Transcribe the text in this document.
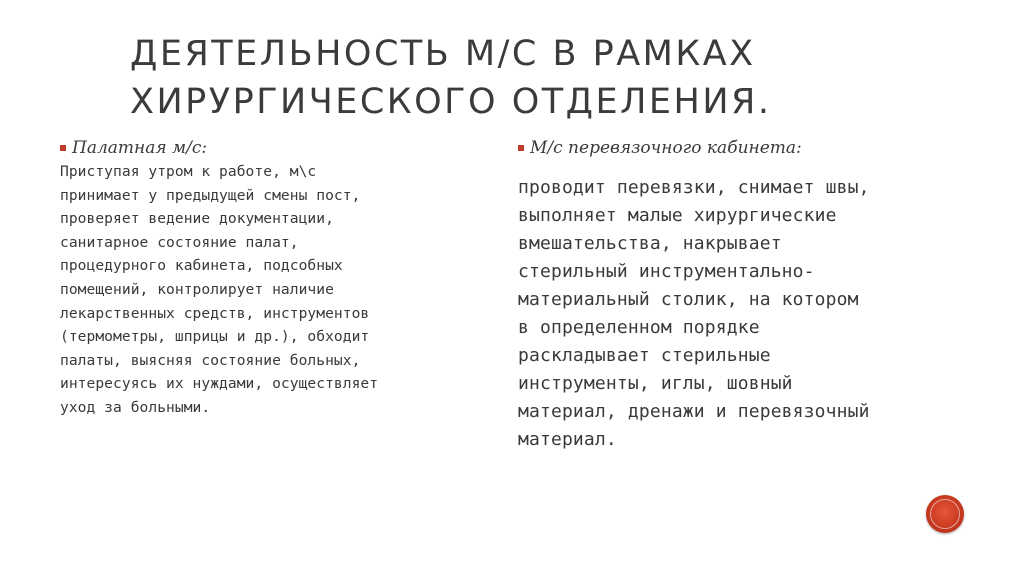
ДЕЯТЕЛЬНОСТЬ М/С В РАМКАХ
ХИРУРГИЧЕСКОГО ОТДЕЛЕНИЯ.
Палатная м/с:

Приступая утром к работе, м\с
принимает у предыдущей смены пост,
проверяет ведение документации,
санитарное состояние палат,
процедурного кабинета, подсобных
помещений, контролирует наличие
лекарственных средств, инструментов
(термометры, шприцы и др.), обходит
палаты, выясняя состояние больных,
интересуясь их нуждами, осуществляет
уход за больными.

М/с перевязочного кабинета:

проводит перевязки, снимает швы,
выполняет малые хирургические
вмешательства, накрывает
стерильный инструментально-
материальный столик, на котором
в определенном порядке
раскладывает стерильные
инструменты, иглы, шовный
материал, дренажи и перевязочный
материал.
